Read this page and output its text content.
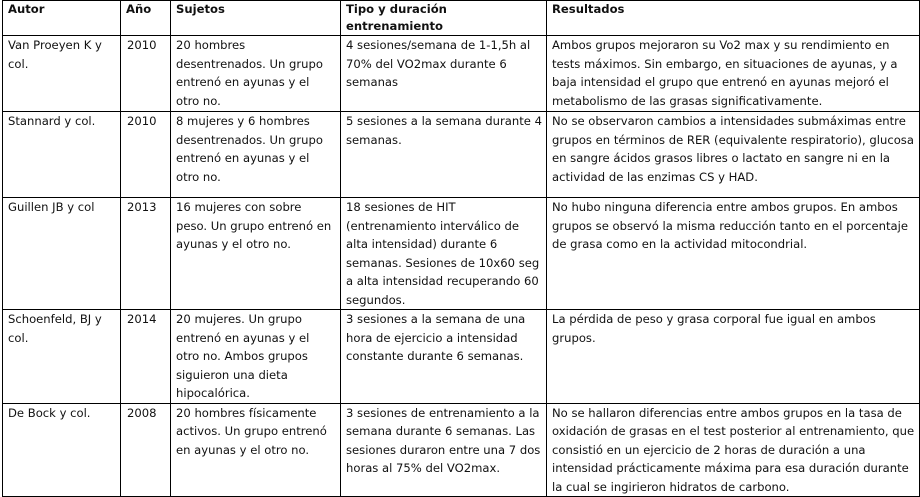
Autor	Año	Sujetos	Tipo y duración entrenamiento	Resultados
Van Proeyen K y col.	2010	20 hombres desentrenados. Un grupo entrenó en ayunas y el otro no.	4 sesiones/semana de 1-1,5h al 70% del VO2max durante 6 semanas	Ambos grupos mejoraron su Vo2 max y su rendimiento en tests máximos. Sin embargo, en situaciones de ayunas, y a baja intensidad el grupo que entrenó en ayunas mejoró el metabolismo de las grasas significativamente.
Stannard y col.	2010	8 mujeres y 6 hombres desentrenados. Un grupo entrenó en ayunas y el otro no.	5 sesiones a la semana durante 4 semanas.	No se observaron cambios a intensidades submáximas entre grupos en términos de RER (equivalente respiratorio), glucosa en sangre ácidos grasos libres o lactato en sangre ni en la actividad de las enzimas CS y HAD.
Guillen JB y col	2013	16 mujeres con sobre peso. Un grupo entrenó en ayunas y el otro no.	18 sesiones de HIT (entrenamiento interválico de alta intensidad) durante 6 semanas. Sesiones de 10x60 seg a alta intensidad recuperando 60 segundos.	No hubo ninguna diferencia entre ambos grupos. En ambos grupos se observó la misma reducción tanto en el porcentaje de grasa como en la actividad mitocondrial.
Schoenfeld, BJ y col.	2014	20 mujeres. Un grupo entrenó en ayunas y el otro no. Ambos grupos siguieron una dieta hipocalórica.	3 sesiones a la semana de una hora de ejercicio a intensidad constante durante 6 semanas.	La pérdida de peso y grasa corporal fue igual en ambos grupos.
De Bock y col.	2008	20 hombres físicamente activos. Un grupo entrenó en ayunas y el otro no.	3 sesiones de entrenamiento a la semana durante 6 semanas. Las sesiones duraron entre una 7 dos horas al 75% del VO2max.	No se hallaron diferencias entre ambos grupos en la tasa de oxidación de grasas en el test posterior al entrenamiento, que consistió en un ejercicio de 2 horas de duración a una intensidad prácticamente máxima para esa duración durante la cual se ingirieron hidratos de carbono.
